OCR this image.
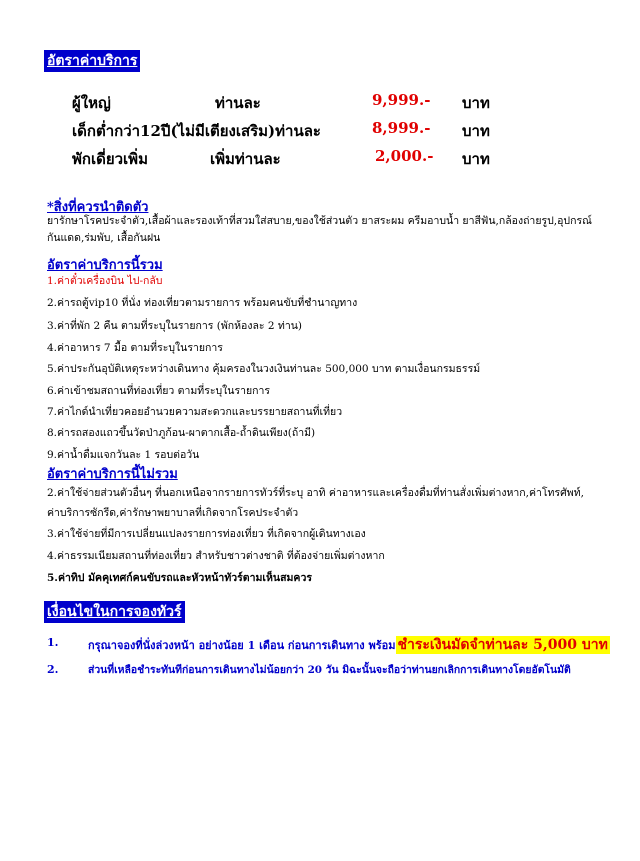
อัตราค่าบริการ
ผู้ใหญ่	ท่านละ	9,999.- บาท
เด็กต่ำกว่า12ปี(ไม่มีเตียงเสริม)ท่านละ	8,999.- บาท
พักเดี่ยวเพิ่ม	เพิ่มท่านละ	2,000.- บาท
*สิ่งที่ควรนำติดตัว
ยารักษาโรคประจำตัว,เสื้อผ้าและรองเท้าที่สวมใส่สบาย,ของใช้ส่วนตัว ยาสระผม ครีมอาบน้ำ ยาสีฟัน,กล้องถ่ายรูป,อุปกรณ์กันแดด,ร่มพับ, เสื้อกันฝน
อัตราค่าบริการนี้รวม
1.ค่าตั๋วเครื่องบิน ไป-กลับ
2.ค่ารถตู้vip10 ที่นั่ง ท่องเที่ยวตามรายการ พร้อมคนขับที่ชำนาญทาง
3.ค่าที่พัก 2 คืน ตามที่ระบุในรายการ (พักห้องละ 2 ท่าน)
4.ค่าอาหาร 7 มื้อ ตามที่ระบุในรายการ
5.ค่าประกันอุบัติเหตุระหว่างเดินทาง คุ้มครองในวงเงินท่านละ 500,000 บาท ตามเงื่อนกรมธรรม์
6.ค่าเข้าชมสถานที่ท่องเที่ยว ตามที่ระบุในรายการ
7.ค่าไกด์นำเที่ยวคอยอำนวยความสะดวกและบรรยายสถานที่เที่ยว
8.ค่ารถสองแถวขึ้นวัดป่าภูก้อน-ผาตากเสื้อ-ถ้ำดินเพียง(ถ้ามี)
9.ค่าน้ำดื่มแจกวันละ 1 รอบต่อวัน
อัตราค่าบริการนี้ไม่รวม
2.ค่าใช้จ่ายส่วนตัวอื่นๆ ที่นอกเหนือจากรายการทัวร์ที่ระบุ อาทิ ค่าอาหารและเครื่องดื่มที่ท่านสั่งเพิ่มต่างหาก,ค่าโทรศัพท์,
ค่าบริการซักรีด,ค่ารักษาพยาบาลที่เกิดจากโรคประจำตัว
3.ค่าใช้จ่ายที่มีการเปลี่ยนแปลงรายการท่องเที่ยว ที่เกิดจากผู้เดินทางเอง
4.ค่าธรรมเนียมสถานที่ท่องเที่ยว สำหรับชาวต่างชาติ ที่ต้องจ่ายเพิ่มต่างหาก
5.ค่าทิป มัคคุเทศก์คนขับรถและหัวหน้าทัวร์ตามเห็นสมควร
เงื่อนไขในการจองทัวร์
1.	กรุณาจองที่นั่งล่วงหน้า อย่างน้อย 1 เดือน ก่อนการเดินทาง พร้อม ชำระเงินมัดจำท่านละ 5,000 บาท
2.	ส่วนที่เหลือชำระทันทีก่อนการเดินทางไม่น้อยกว่า 20 วัน มิฉะนั้นจะถือว่าท่านยกเลิกการเดินทางโดยอัตโนมัติ
